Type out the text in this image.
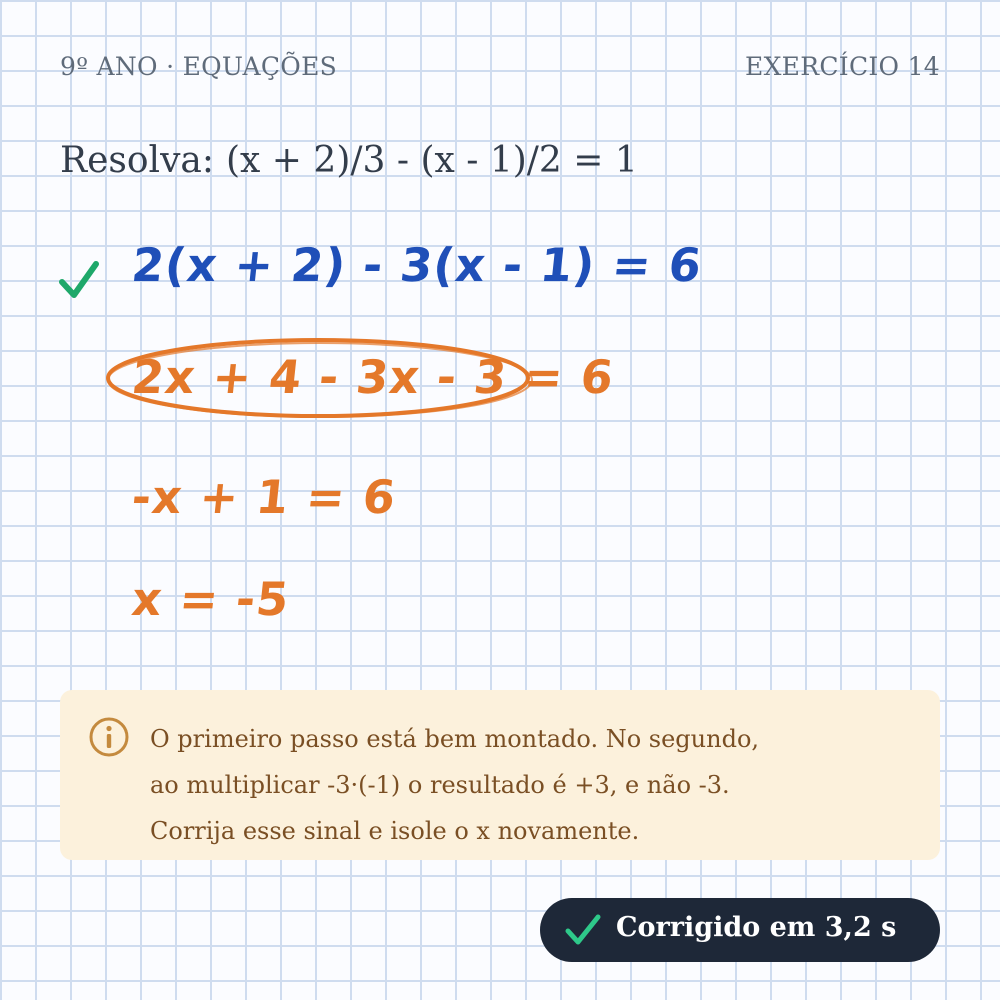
9º ANO · EQUAÇÕES	EXERCÍCIO 14
Resolva: (x + 2)/3 - (x - 1)/2 = 1
2(x + 2) - 3(x - 1) = 6
2x + 4 - 3x - 3 = 6
-x + 1 = 6
x = -5
O primeiro passo está bem montado. No segundo,
ao multiplicar -3·(-1) o resultado é +3, e não -3.
Corrija esse sinal e isole o x novamente.
Corrigido em 3,2 s
